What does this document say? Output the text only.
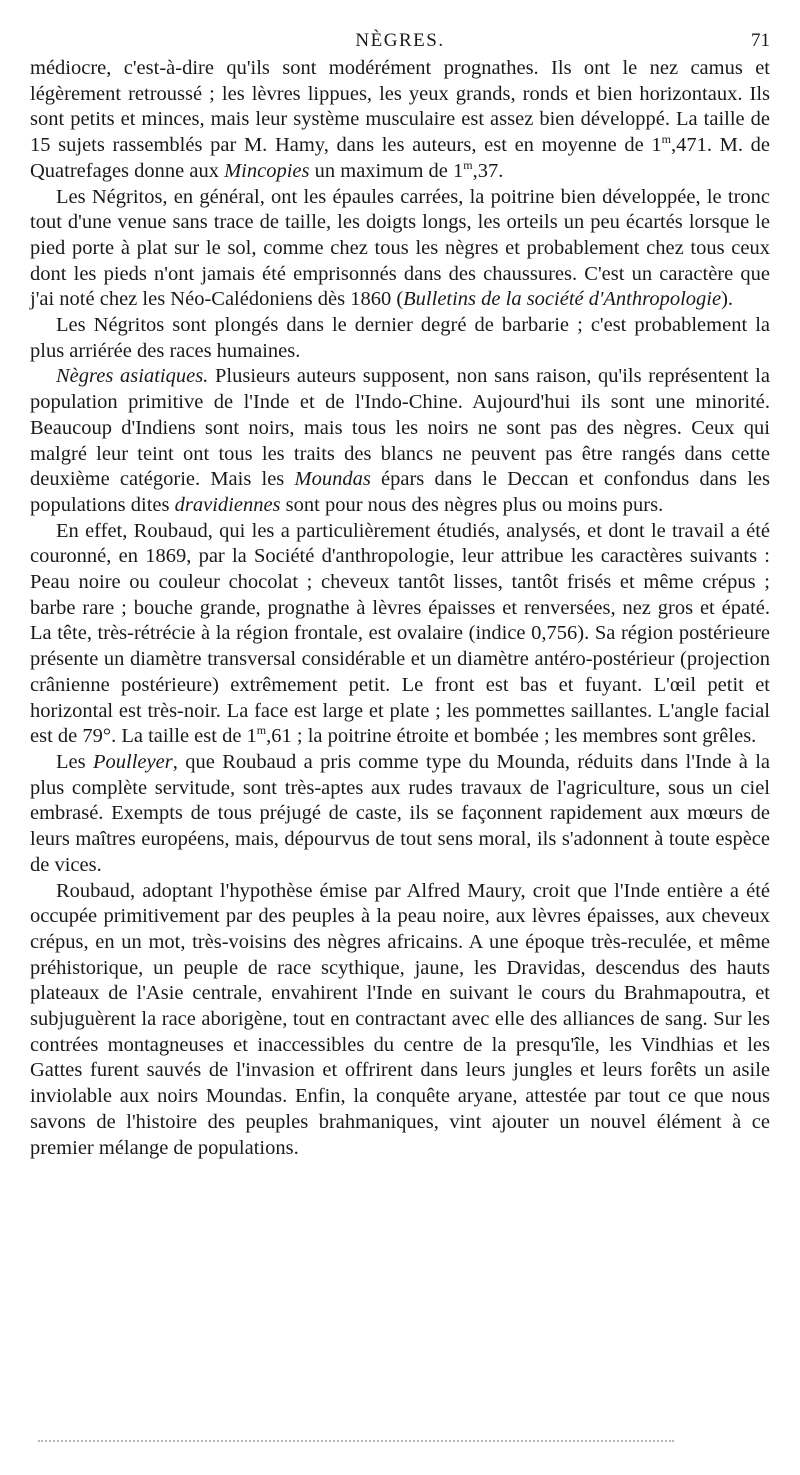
NÈGRES.	71

médiocre, c'est-à-dire qu'ils sont modérément prognathes. Ils ont le nez camus et légèrement retroussé ; les lèvres lippues, les yeux grands, ronds et bien horizontaux. Ils sont petits et minces, mais leur système musculaire est assez bien développé. La taille de 15 sujets rassemblés par M. Hamy, dans les auteurs, est en moyenne de 1$^m$,471. M. de Quatrefages donne aux Mincopies un maximum de 1$^m$,37.

Les Négritos, en général, ont les épaules carrées, la poitrine bien développée, le tronc tout d'une venue sans trace de taille, les doigts longs, les orteils un peu écartés lorsque le pied porte à plat sur le sol, comme chez tous les nègres et probablement chez tous ceux dont les pieds n'ont jamais été emprisonnés dans des chaussures. C'est un caractère que j'ai noté chez les Néo-Calédoniens dès 1860 (Bulletins de la société d'Anthropologie).

Les Négritos sont plongés dans le dernier degré de barbarie ; c'est probablement la plus arriérée des races humaines.

Nègres asiatiques. Plusieurs auteurs supposent, non sans raison, qu'ils représentent la population primitive de l'Inde et de l'Indo-Chine. Aujourd'hui ils sont une minorité. Beaucoup d'Indiens sont noirs, mais tous les noirs ne sont pas des nègres. Ceux qui malgré leur teint ont tous les traits des blancs ne peuvent pas être rangés dans cette deuxième catégorie. Mais les Moundas épars dans le Deccan et confondus dans les populations dites dravidiennes sont pour nous des nègres plus ou moins purs.

En effet, Roubaud, qui les a particulièrement étudiés, analysés, et dont le travail a été couronné, en 1869, par la Société d'anthropologie, leur attribue les caractères suivants : Peau noire ou couleur chocolat ; cheveux tantôt lisses, tantôt frisés et même crépus ; barbe rare ; bouche grande, prognathe à lèvres épaisses et renversées, nez gros et épaté. La tête, très-rétrécie à la région frontale, est ovalaire (indice 0,756). Sa région postérieure présente un diamètre transversal considérable et un diamètre antéro-postérieur (projection crânienne postérieure) extrêmement petit. Le front est bas et fuyant. L'œil petit et horizontal est très-noir. La face est large et plate ; les pommettes saillantes. L'angle facial est de 79°. La taille est de 1$^m$,61 ; la poitrine étroite et bombée ; les membres sont grêles.

Les Poulleyer, que Roubaud a pris comme type du Mounda, réduits dans l'Inde à la plus complète servitude, sont très-aptes aux rudes travaux de l'agriculture, sous un ciel embrasé. Exempts de tous préjugé de caste, ils se façonnent rapidement aux mœurs de leurs maîtres européens, mais, dépourvus de tout sens moral, ils s'adonnent à toute espèce de vices.

Roubaud, adoptant l'hypothèse émise par Alfred Maury, croit que l'Inde entière a été occupée primitivement par des peuples à la peau noire, aux lèvres épaisses, aux cheveux crépus, en un mot, très-voisins des nègres africains. A une époque très-reculée, et même préhistorique, un peuple de race scythique, jaune, les Dravidas, descendus des hauts plateaux de l'Asie centrale, envahirent l'Inde en suivant le cours du Brahmapoutra, et subjuguèrent la race aborigène, tout en contractant avec elle des alliances de sang. Sur les contrées montagneuses et inaccessibles du centre de la presqu'île, les Vindhias et les Gattes furent sauvés de l'invasion et offrirent dans leurs jungles et leurs forêts un asile inviolable aux noirs Moundas. Enfin, la conquête aryane, attestée par tout ce que nous savons de l'histoire des peuples brahmaniques, vint ajouter un nouvel élément à ce premier mélange de populations.
